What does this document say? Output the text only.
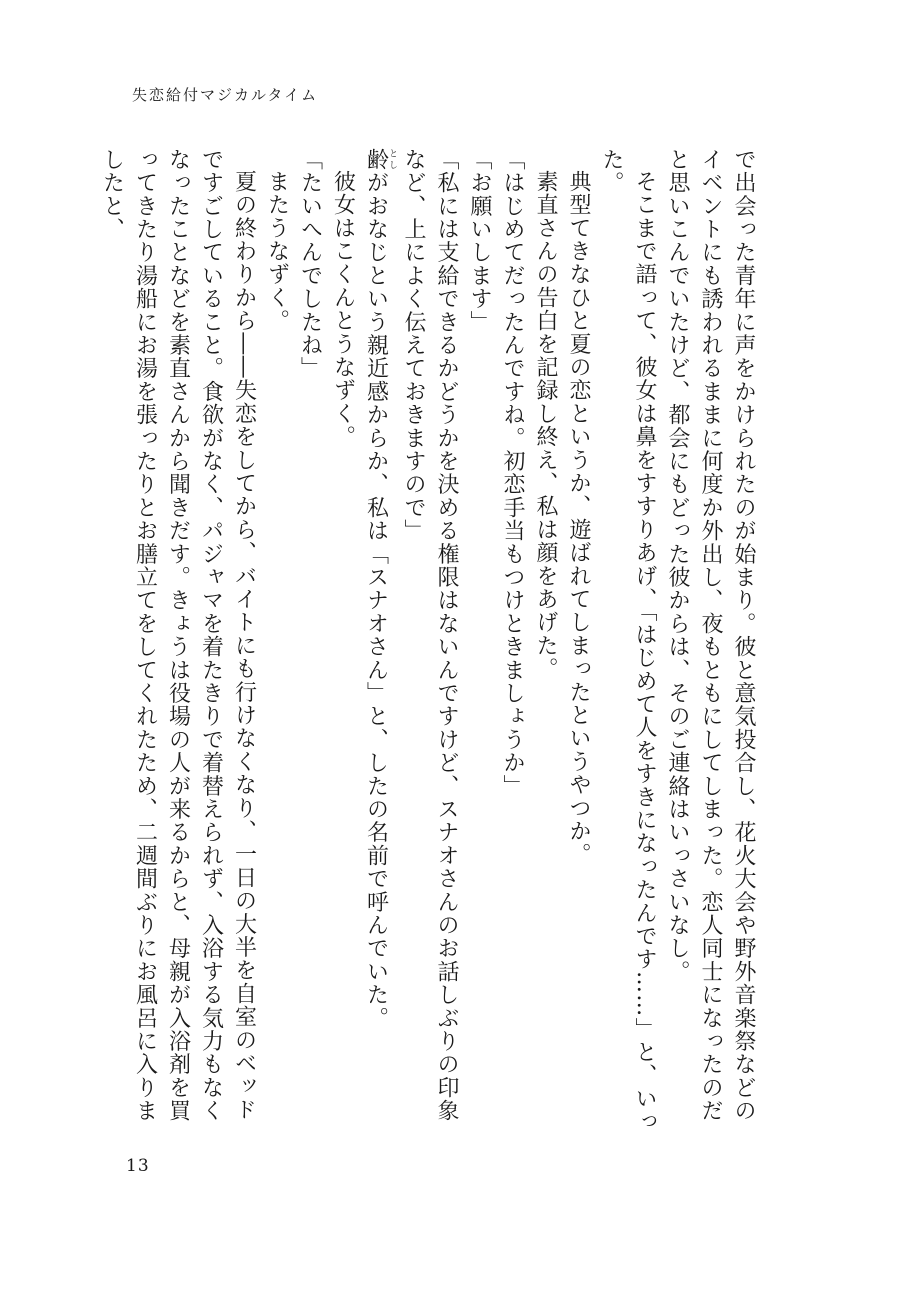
失恋給付マジカルタイム

で出会った青年に声をかけられたのが始まり。彼と意気投合し、花火大会や野外音楽祭などのイベントにも誘われるままに何度か外出し、夜もともにしてしまった。恋人同士になったのだと思いこんでいたけど、都会にもどった彼からは、そのご連絡はいっさいなし。

そこまで語って、彼女は鼻をすすりあげ、「はじめて人をすきになったんです……」と、いった。

典型てきなひと夏の恋というか、遊ばれてしまったというやつか。

素直さんの告白を記録し終え、私は顔をあげた。

「はじめてだったんですね。初恋手当もつけときましょうか」

「お願いします」

「私には支給できるかどうかを決める権限はないんですけど、スナオさんのお話しぶりの印象など、上によく伝えておきますので」

齢としがおなじという親近感からか、私は「スナオさん」と、したの名前で呼んでいた。

彼女はこくんとうなずく。

「たいへんでしたね」

またうなずく。

夏の終わりから――失恋をしてから、バイトにも行けなくなり、一日の大半を自室のベッドですごしていること。食欲がなく、パジャマを着たきりで着替えられず、入浴する気力もなくなったことなどを素直さんから聞きだす。きょうは役場の人が来るからと、母親が入浴剤を買ってきたり湯船にお湯を張ったりとお膳立てをしてくれたため、二週間ぶりにお風呂に入りましたと、

13
